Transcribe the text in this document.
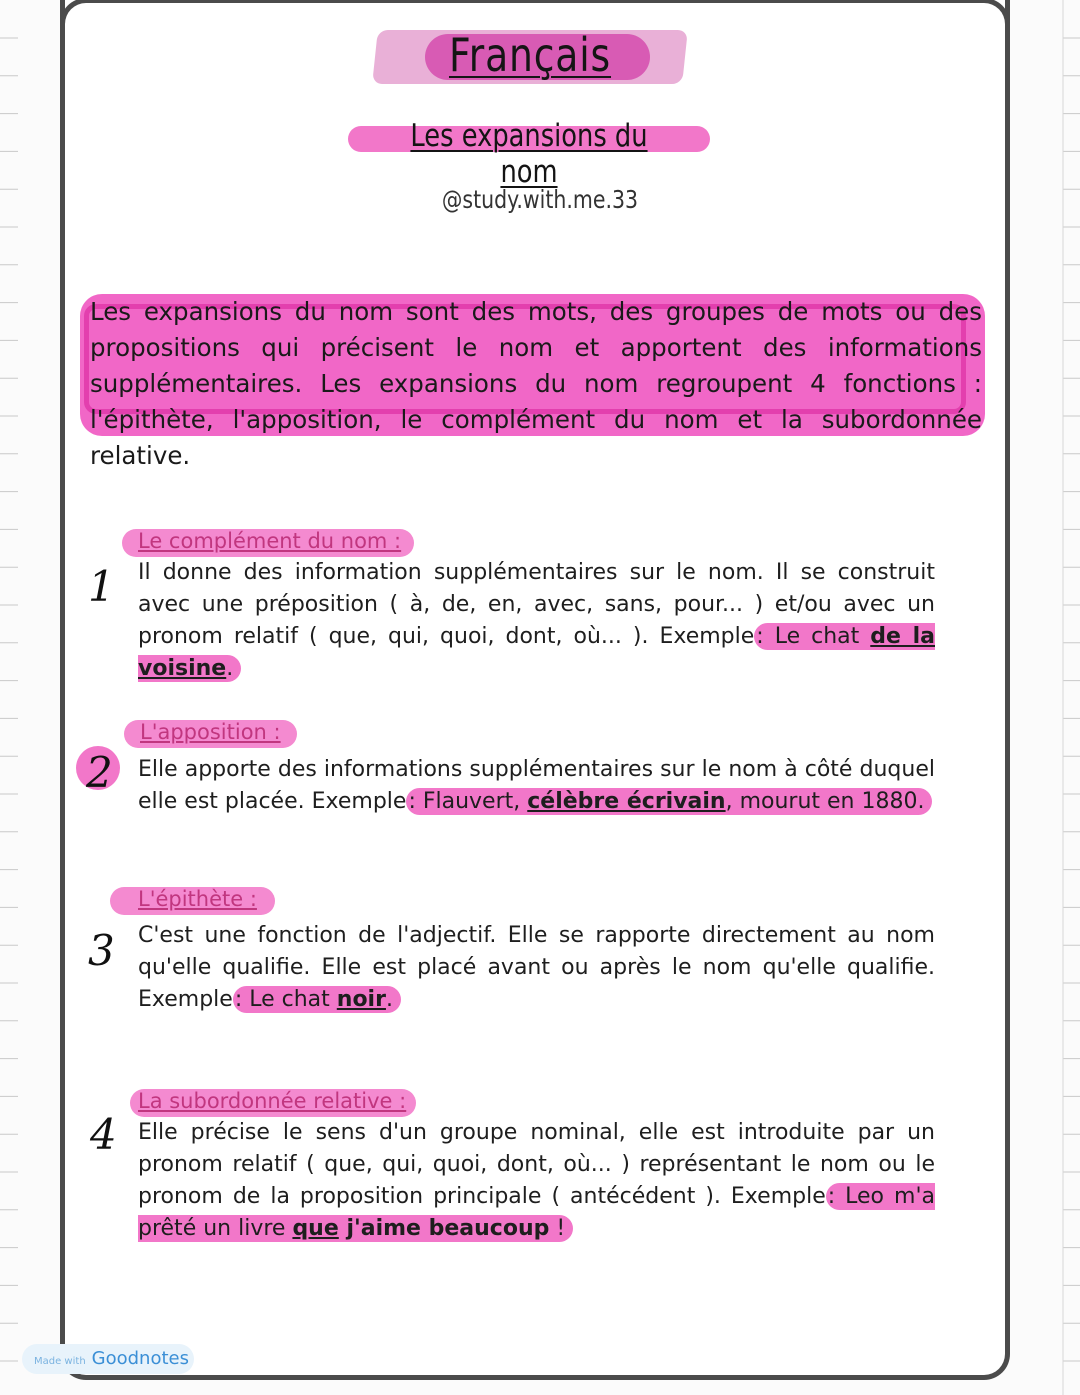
Français
Les expansions du nom
@study.with.me.33
Les expansions du nom sont des mots, des groupes de mots ou des propositions qui précisent le nom et apportent des informations supplémentaires. Les expansions du nom regroupent 4 fonctions : l'épithète, l'apposition, le complément du nom et la subordonnée relative.
Le complément du nom :
1 Il donne des information supplémentaires sur le nom. Il se construit avec une préposition ( à, de, en, avec, sans, pour... ) et/ou avec un pronom relatif ( que, qui, quoi, dont, où... ). Exemple: Le chat de la voisine.
L'apposition :
2 Elle apporte des informations supplémentaires sur le nom à côté duquel elle est placée. Exemple: Flauvert, célèbre écrivain, mourut en 1880.
L'épithète :
3 C'est une fonction de l'adjectif. Elle se rapporte directement au nom qu'elle qualifie. Elle est placé avant ou après le nom qu'elle qualifie. Exemple: Le chat noir.
La subordonnée relative :
4 Elle précise le sens d'un groupe nominal, elle est introduite par un pronom relatif ( que, qui, quoi, dont, où... ) représentant le nom ou le pronom de la proposition principale ( antécédent ). Exemple: Leo m'a prêté un livre que j'aime beaucoup !
Made with Goodnotes
